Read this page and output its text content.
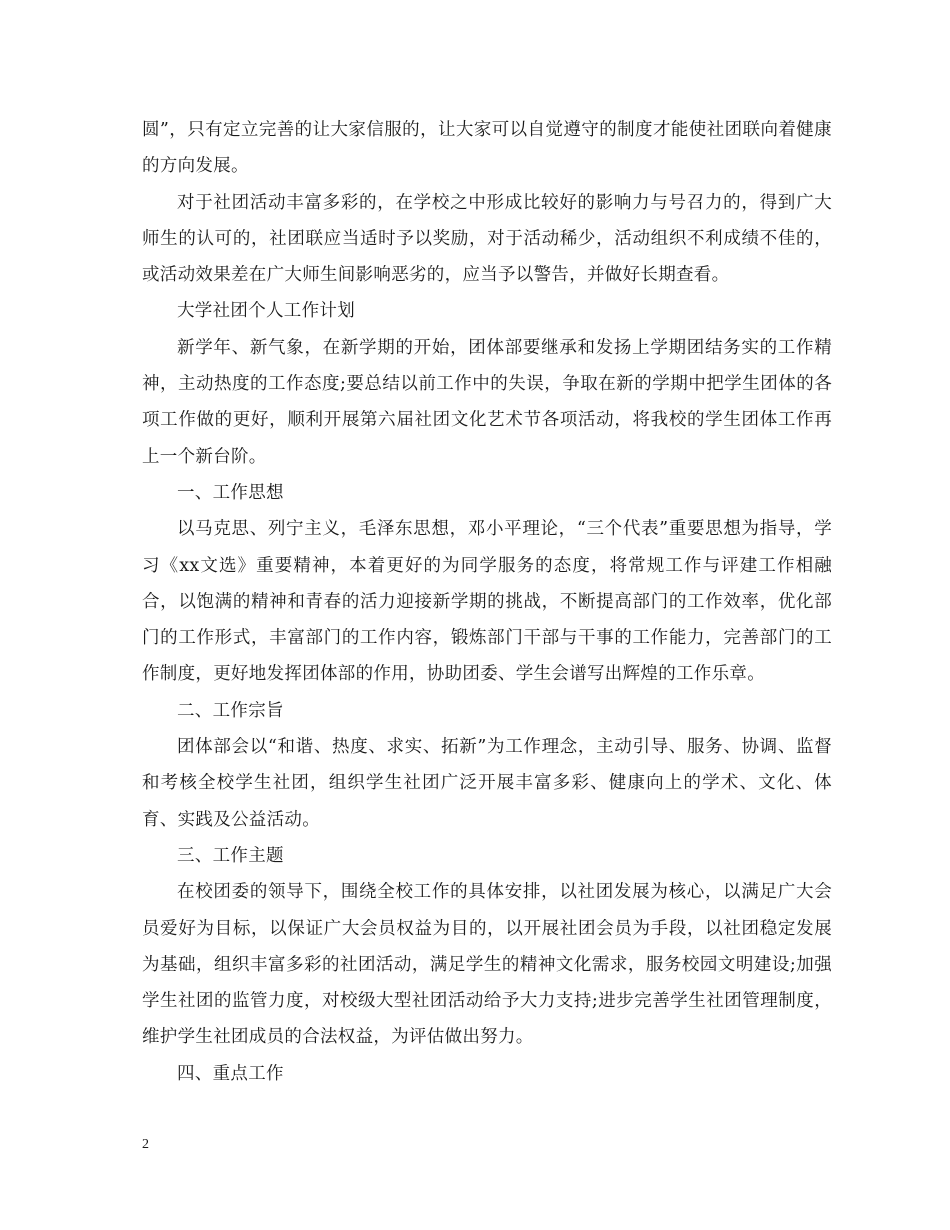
圆”，只有定立完善的让大家信服的，让大家可以自觉遵守的制度才能使社团联向着健康的方向发展。

对于社团活动丰富多彩的，在学校之中形成比较好的影响力与号召力的，得到广大师生的认可的，社团联应当适时予以奖励，对于活动稀少，活动组织不利成绩不佳的，或活动效果差在广大师生间影响恶劣的，应当予以警告，并做好长期查看。

大学社团个人工作计划

新学年、新气象，在新学期的开始，团体部要继承和发扬上学期团结务实的工作精神，主动热度的工作态度;要总结以前工作中的失误，争取在新的学期中把学生团体的各项工作做的更好，顺利开展第六届社团文化艺术节各项活动，将我校的学生团体工作再上一个新台阶。

一、工作思想

以马克思、列宁主义，毛泽东思想，邓小平理论，“三个代表”重要思想为指导，学习《xx文选》重要精神，本着更好的为同学服务的态度，将常规工作与评建工作相融合，以饱满的精神和青春的活力迎接新学期的挑战，不断提高部门的工作效率，优化部门的工作形式，丰富部门的工作内容，锻炼部门干部与干事的工作能力，完善部门的工作制度，更好地发挥团体部的作用，协助团委、学生会谱写出辉煌的工作乐章。

二、工作宗旨

团体部会以“和谐、热度、求实、拓新”为工作理念，主动引导、服务、协调、监督和考核全校学生社团，组织学生社团广泛开展丰富多彩、健康向上的学术、文化、体育、实践及公益活动。

三、工作主题

在校团委的领导下，围绕全校工作的具体安排，以社团发展为核心，以满足广大会员爱好为目标，以保证广大会员权益为目的，以开展社团会员为手段，以社团稳定发展为基础，组织丰富多彩的社团活动，满足学生的精神文化需求，服务校园文明建设;加强学生社团的监管力度，对校级大型社团活动给予大力支持;进步完善学生社团管理制度，维护学生社团成员的合法权益，为评估做出努力。

四、重点工作

2
